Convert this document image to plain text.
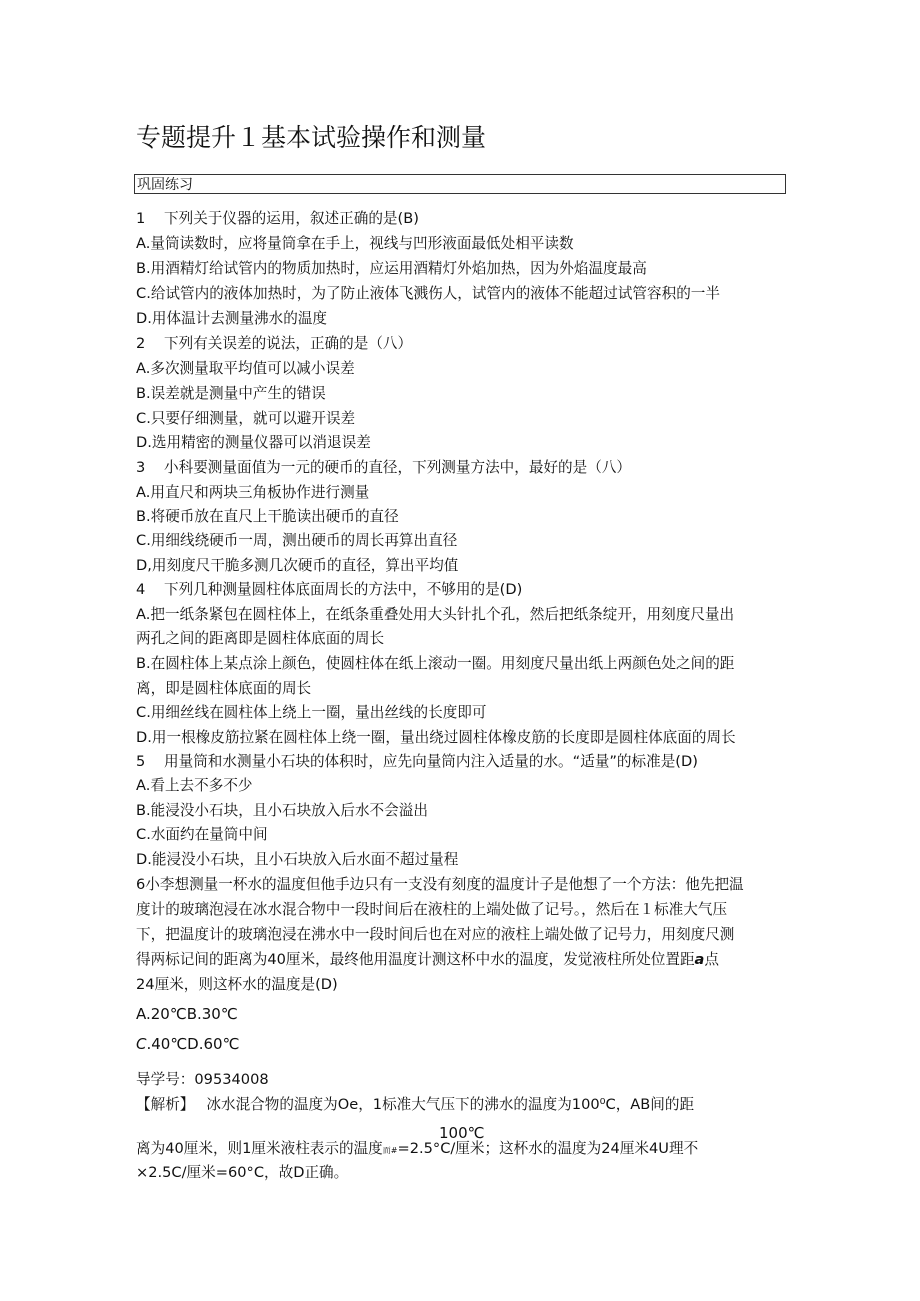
专题提升１基本试验操作和测量
巩固练习
1 下列关于仪器的运用，叙述正确的是(B)
A.量筒读数时，应将量筒拿在手上，视线与凹形液面最低处相平读数
B.用酒精灯给试管内的物质加热时，应运用酒精灯外焰加热，因为外焰温度最高
C.给试管内的液体加热时，为了防止液体飞溅伤人，试管内的液体不能超过试管容积的一半
D.用体温计去测量沸水的温度
2 下列有关误差的说法，正确的是（八）
A.多次测量取平均值可以减小误差
B.误差就是测量中产生的错误
C.只要仔细测量，就可以避开误差
D.选用精密的测量仪器可以消退误差
3 小科要测量面值为一元的硬币的直径，下列测量方法中，最好的是（八）
A.用直尺和两块三角板协作进行测量
B.将硬币放在直尺上干脆读出硬币的直径
C.用细线绕硬币一周，测出硬币的周长再算出直径
D,用刻度尺干脆多测几次硬币的直径，算出平均值
4 下列几种测量圆柱体底面周长的方法中，不够用的是(D)
A.把一纸条紧包在圆柱体上，在纸条重叠处用大头针扎个孔，然后把纸条绽开，用刻度尺量出
两孔之间的距离即是圆柱体底面的周长
B.在圆柱体上某点涂上颜色，使圆柱体在纸上滚动一圈。用刻度尺量出纸上两颜色处之间的距
离，即是圆柱体底面的周长
C.用细丝线在圆柱体上绕上一圈，量出丝线的长度即可
D.用一根橡皮筋拉紧在圆柱体上绕一圈，量出绕过圆柱体橡皮筋的长度即是圆柱体底面的周长
5 用量筒和水测量小石块的体积时，应先向量筒内注入适量的水。“适量”的标准是(D)
A.看上去不多不少
B.能浸没小石块，且小石块放入后水不会溢出
C.水面约在量筒中间
D.能浸没小石块，且小石块放入后水面不超过量程
6小李想测量一杯水的温度但他手边只有一支没有刻度的温度计子是他想了一个方法：他先把温
度计的玻璃泡浸在冰水混合物中一段时间后在液柱的上端处做了记号。，然后在１标准大气压
下，把温度计的玻璃泡浸在沸水中一段时间后也在对应的液柱上端处做了记号力，用刻度尺测
得两标记间的距离为40厘米，最终他用温度计测这杯中水的温度，发觉液柱所处位置距a点
24厘米，则这杯水的温度是(D)
A.20℃B.30℃
C.40℃D.60℃
导学号：09534008
【解析】 冰水混合物的温度为Oe，1标准大气压下的沸水的温度为100⁰C，AB间的距
100℃
离为40厘米，则1厘米液柱表示的温度而#=2.5°C/厘米；这杯水的温度为24厘米4U理不
×2.5C/厘米=60°C，故D正确。
